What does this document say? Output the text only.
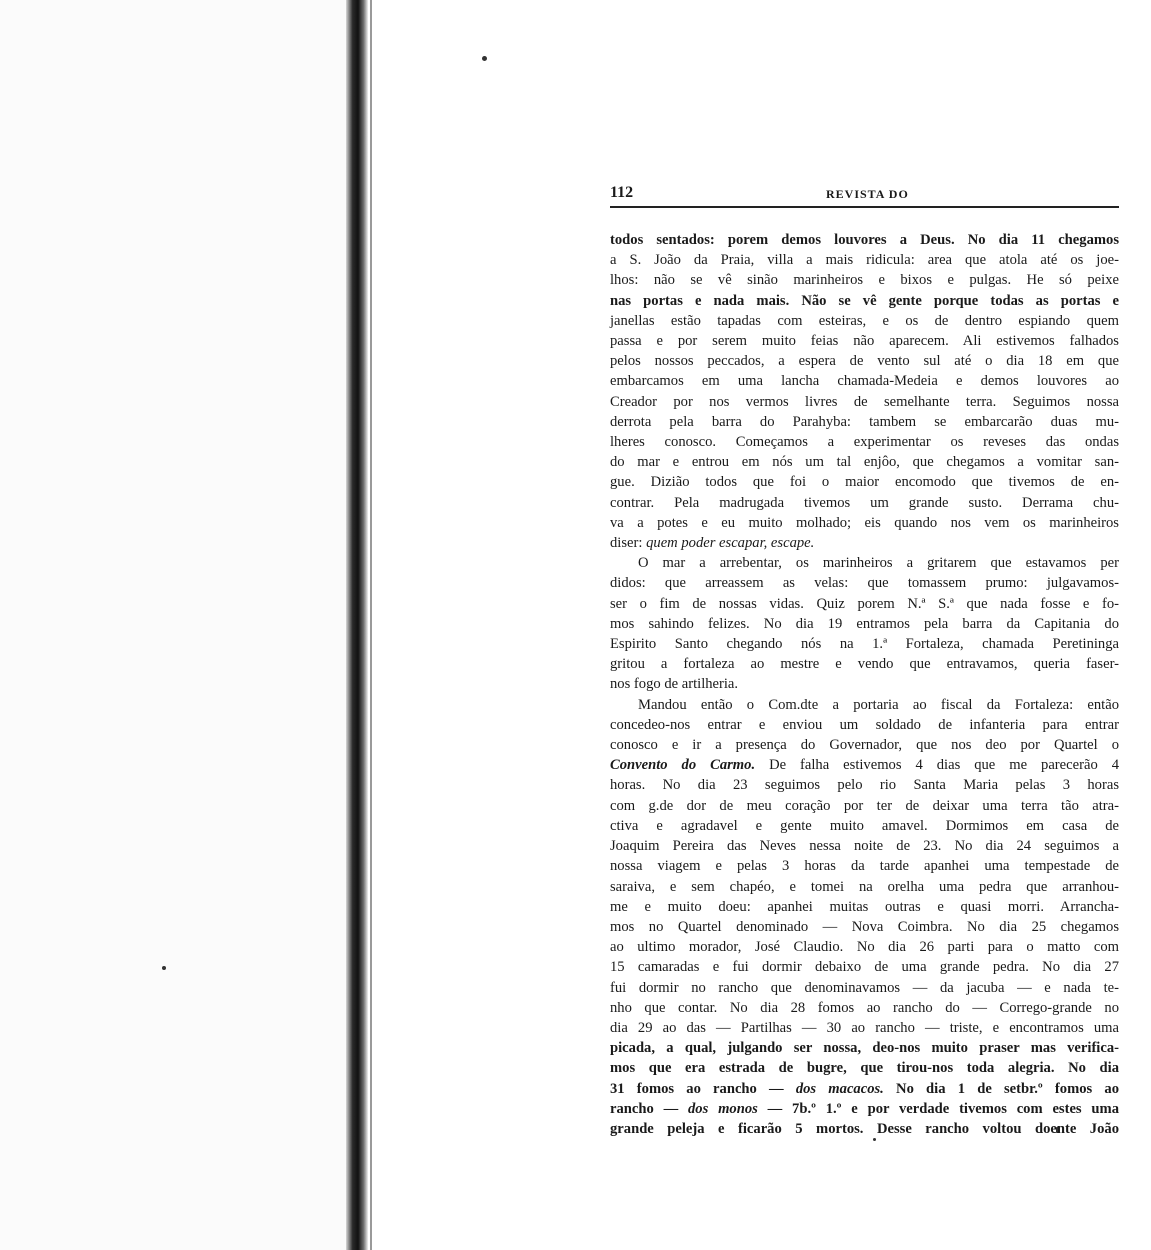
112	REVISTA DO

todos sentados: porem demos louvores a Deus. No dia 11 chegamos
a S. João da Praia, villa a mais ridicula: area que atola até os joe-
lhos: não se vê sinão marinheiros e bixos e pulgas. He só peixe
nas portas e nada mais. Não se vê gente porque todas as portas e
janellas estão tapadas com esteiras, e os de dentro espiando quem
passa e por serem muito feias não aparecem. Ali estivemos falhados
pelos nossos peccados, a espera de vento sul até o dia 18 em que
embarcamos em uma lancha chamada-Medeia e demos louvores ao
Creador por nos vermos livres de semelhante terra. Seguimos nossa
derrota pela barra do Parahyba: tambem se embarcarão duas mu-
lheres conosco. Começamos a experimentar os reveses das ondas
do mar e entrou em nós um tal enjôo, que chegamos a vomitar san-
gue. Dizião todos que foi o maior encomodo que tivemos de en-
contrar. Pela madrugada tivemos um grande susto. Derrama chu-
va a potes e eu muito molhado; eis quando nos vem os marinheiros
diser: quem poder escapar, escape.

O mar a arrebentar, os marinheiros a gritarem que estavamos per
didos: que arreassem as velas: que tomassem prumo: julgavamos-
ser o fim de nossas vidas. Quiz porem N.ª S.ª que nada fosse e fo-
mos sahindo felizes. No dia 19 entramos pela barra da Capitania do
Espirito Santo chegando nós na 1.ª Fortaleza, chamada Peretininga
gritou a fortaleza ao mestre e vendo que entravamos, queria faser-
nos fogo de artilheria.

Mandou então o Com.dte a portaria ao fiscal da Fortaleza: então
concedeo-nos entrar e enviou um soldado de infanteria para entrar
conosco e ir a presença do Governador, que nos deo por Quartel o
Convento do Carmo. De falha estivemos 4 dias que me parecerão 4
horas. No dia 23 seguimos pelo rio Santa Maria pelas 3 horas
com g.de dor de meu coração por ter de deixar uma terra tão atra-
ctiva e agradavel e gente muito amavel. Dormimos em casa de
Joaquim Pereira das Neves nessa noite de 23. No dia 24 seguimos a
nossa viagem e pelas 3 horas da tarde apanhei uma tempestade de
saraiva, e sem chapéo, e tomei na orelha uma pedra que arranhou-
me e muito doeu: apanhei muitas outras e quasi morri. Arrancha-
mos no Quartel denominado — Nova Coimbra. No dia 25 chegamos
ao ultimo morador, José Claudio. No dia 26 parti para o matto com
15 camaradas e fui dormir debaixo de uma grande pedra. No dia 27
fui dormir no rancho que denominavamos — da jacuba — e nada te-
nho que contar. No dia 28 fomos ao rancho do — Corrego-grande no
dia 29 ao das — Partilhas — 30 ao rancho — triste, e encontramos uma
picada, a qual, julgando ser nossa, deo-nos muito praser mas verifica-
mos que era estrada de bugre, que tirou-nos toda alegria. No dia
31 fomos ao rancho — dos macacos. No dia 1 de setbr.º fomos ao
rancho — dos monos — 7b.º 1.º e por verdade tivemos com estes uma
grande peleja e ficarão 5 mortos. Desse rancho voltou doente João
